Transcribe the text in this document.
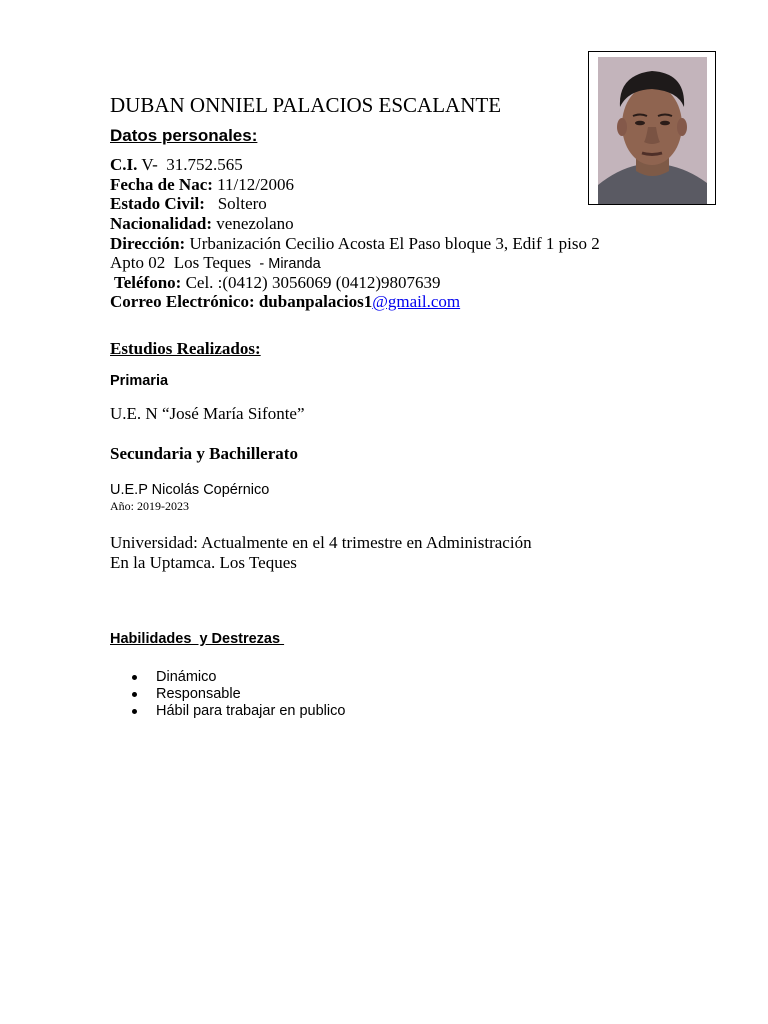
DUBAN ONNIEL PALACIOS ESCALANTE
Datos personales:
C.I. V-  31.752.565
Fecha de Nac: 11/12/2006
Estado Civil:   Soltero
Nacionalidad: venezolano
Dirección: Urbanización Cecilio Acosta El Paso bloque 3, Edif 1 piso 2
Apto 02  Los Teques  - Miranda
Teléfono: Cel. :(0412) 3056069 (0412)9807639
Correo Electrónico: dubanpalacios1@gmail.com
Estudios Realizados:
Primaria
U.E. N “José María Sifonte”
Secundaria y Bachillerato
U.E.P Nicolás Copérnico
Año: 2019-2023
Universidad: Actualmente en el 4 trimestre en Administración
En la Uptamca. Los Teques
Habilidades  y Destrezas
Dinámico
Responsable
Hábil para trabajar en publico
